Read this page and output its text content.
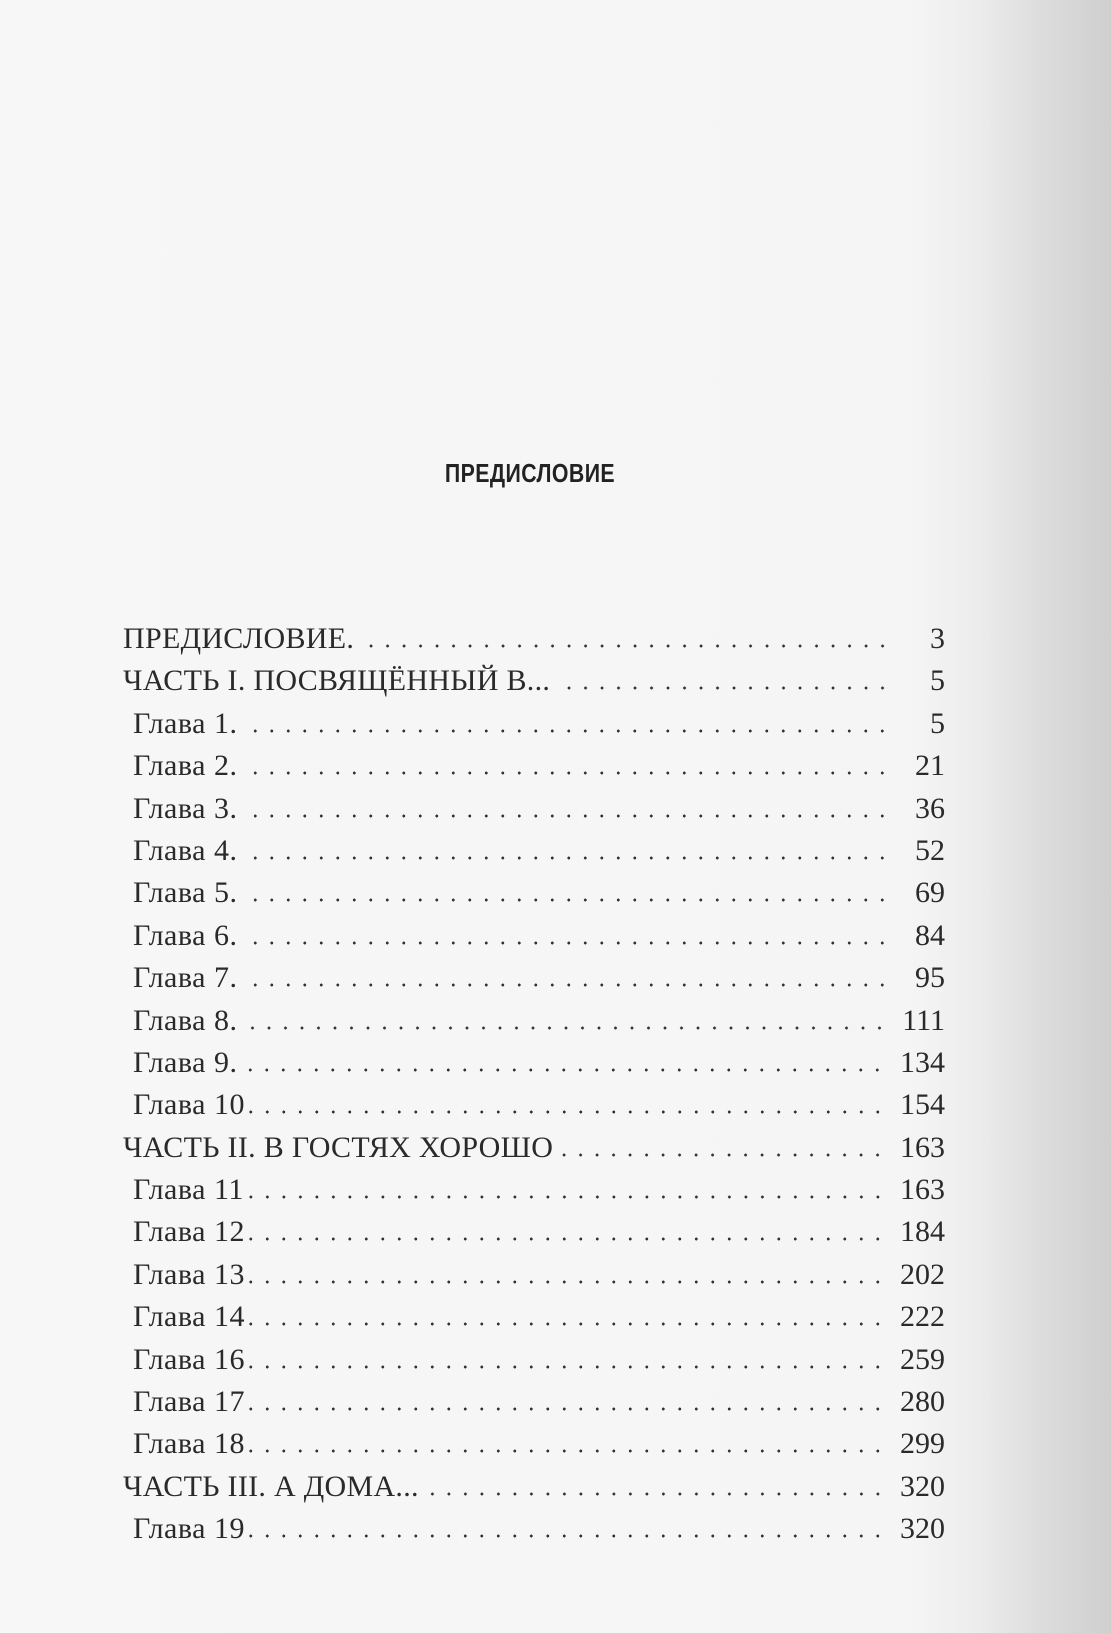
ПРЕДИСЛОВИЕ
ПРЕДИСЛОВИЕ.	3
ЧАСТЬ I. ПОСВЯЩЁННЫЙ В...	5
Глава 1.	5
Глава 2.	21
Глава 3.	36
Глава 4.	52
Глава 5.	69
Глава 6.	84
Глава 7.	95
Глава 8.	111
Глава 9.	134
Глава 10	154
ЧАСТЬ II. В ГОСТЯХ ХОРОШО	163
Глава 11	163
Глава 12	184
Глава 13	202
Глава 14	222
Глава 16	259
Глава 17	280
Глава 18	299
ЧАСТЬ III. А ДОМА...	320
Глава 19	320
